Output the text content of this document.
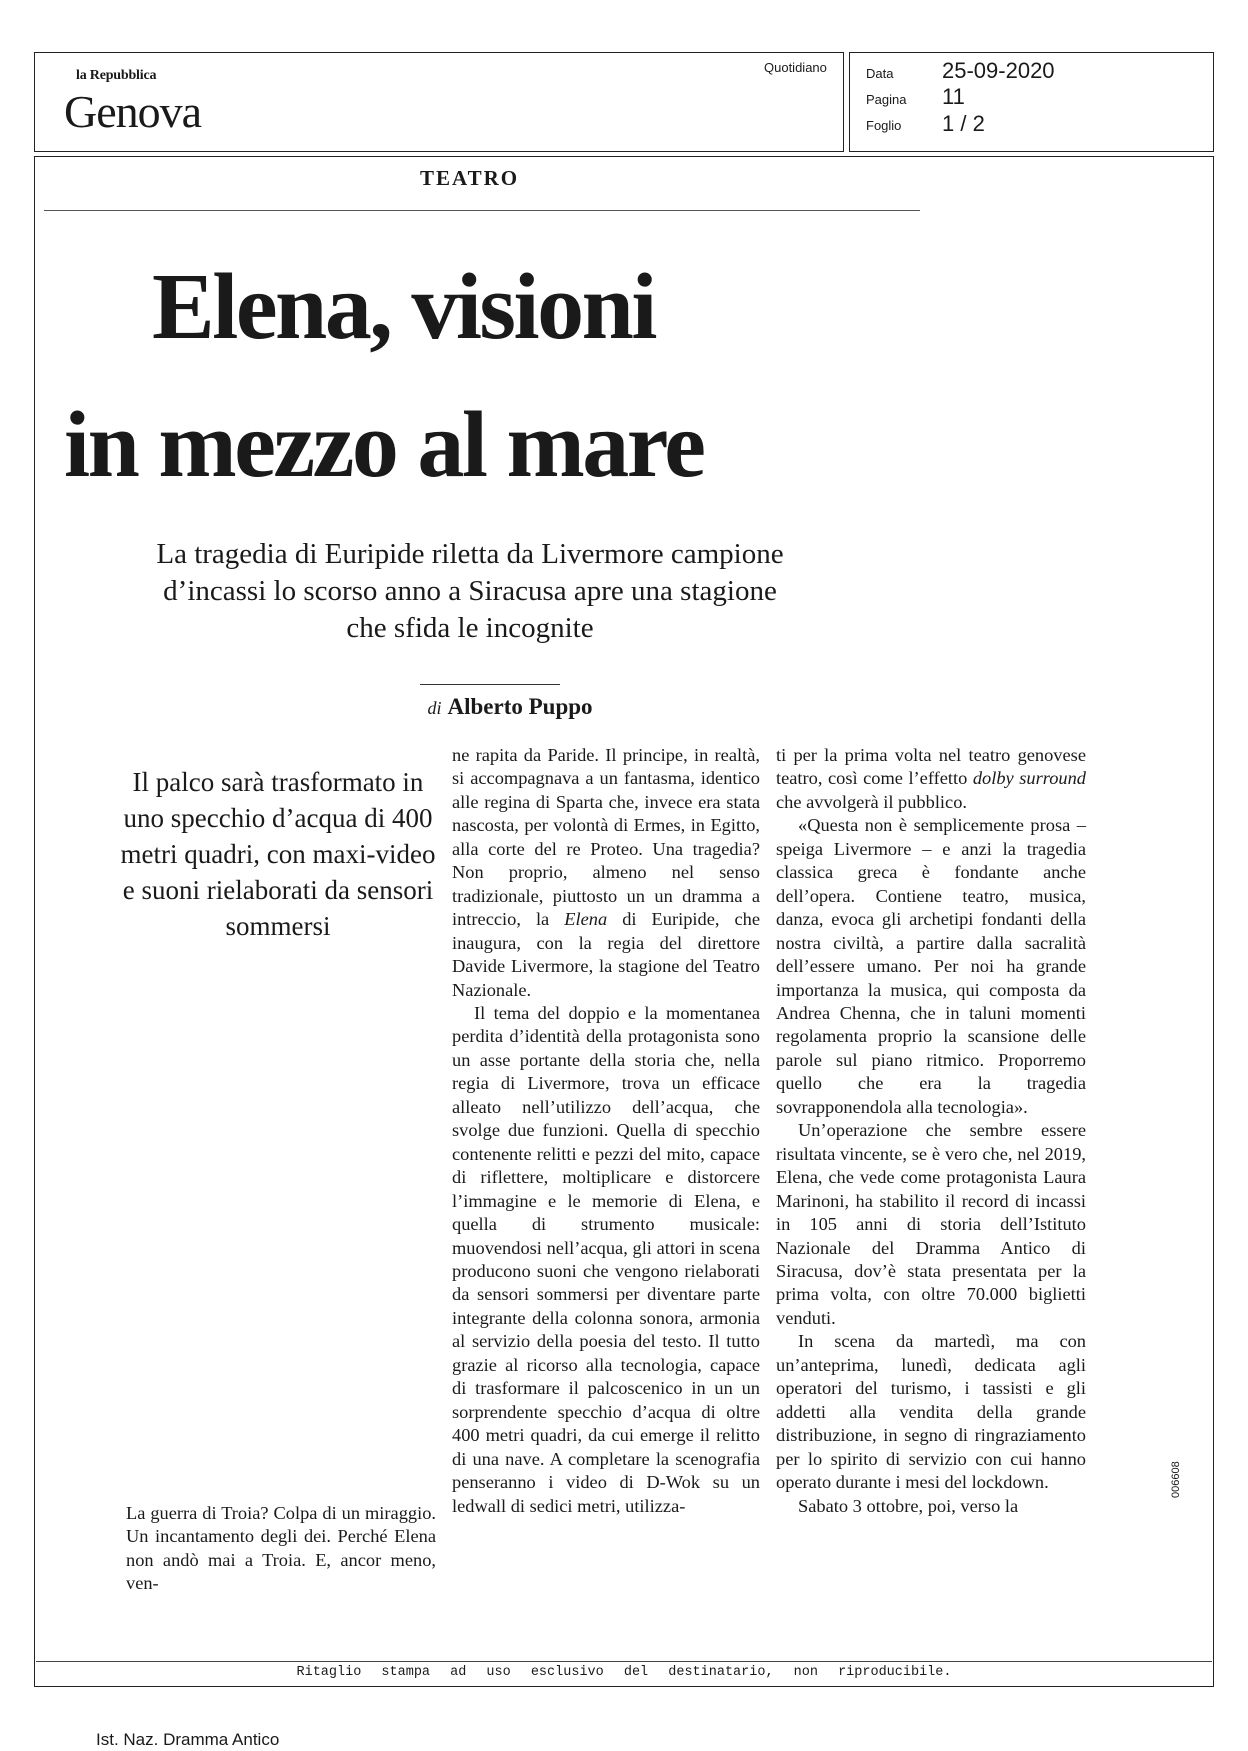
la Repubblica
Genova
Quotidiano	Data 25-09-2020
Pagina 11
Foglio 1 / 2
TEATRO
Elena, visioni
in mezzo al mare
La tragedia di Euripide riletta da Livermore campione d’incassi lo scorso anno a Siracusa apre una stagione che sfida le incognite
di Alberto Puppo
Il palco sarà trasformato in uno specchio d’acqua di 400 metri quadri, con maxi-video e suoni rielaborati da sensori sommersi

La guerra di Troia? Colpa di un miraggio. Un incantamento degli dei. Perché Elena non andò mai a Troia. E, ancor meno, ven-

ne rapita da Paride. Il principe, in realtà, si accompagnava a un fantasma, identico alle regina di Sparta che, invece era stata nascosta, per volontà di Ermes, in Egitto, alla corte del re Proteo. Una tragedia? Non proprio, almeno nel senso tradizionale, piuttosto un un dramma a intreccio, la Elena di Euripide, che inaugura, con la regia del direttore Davide Livermore, la stagione del Teatro Nazionale.

Il tema del doppio e la momentanea perdita d’identità della protagonista sono un asse portante della storia che, nella regia di Livermore, trova un efficace alleato nell’utilizzo dell’acqua, che svolge due funzioni. Quella di specchio contenente relitti e pezzi del mito, capace di riflettere, moltiplicare e distorcere l’immagine e le memorie di Elena, e quella di strumento musicale: muovendosi nell’acqua, gli attori in scena producono suoni che vengono rielaborati da sensori sommersi per diventare parte integrante della colonna sonora, armonia al servizio della poesia del testo. Il tutto grazie al ricorso alla tecnologia, capace di trasformare il palcoscenico in un un sorprendente specchio d’acqua di oltre 400 metri quadri, da cui emerge il relitto di una nave. A completare la scenografia penseranno i video di D-Wok su un ledwall di sedici metri, utilizza-

ti per la prima volta nel teatro genovese teatro, così come l’effetto dolby surround che avvolgerà il pubblico.

«Questa non è semplicemente prosa – speiga Livermore – e anzi la tragedia classica greca è fondante anche dell’opera. Contiene teatro, musica, danza, evoca gli archetipi fondanti della nostra civiltà, a partire dalla sacralità dell’essere umano. Per noi ha grande importanza la musica, qui composta da Andrea Chenna, che in taluni momenti regolamenta proprio la scansione delle parole sul piano ritmico. Proporremo quello che era la tragedia sovrapponendola alla tecnologia».

Un’operazione che sembre essere risultata vincente, se è vero che, nel 2019, Elena, che vede come protagonista Laura Marinoni, ha stabilito il record di incassi in 105 anni di storia dell’Istituto Nazionale del Dramma Antico di Siracusa, dov’è stata presentata per la prima volta, con oltre 70.000 biglietti venduti.

In scena da martedì, ma con un’anteprima, lunedì, dedicata agli operatori del turismo, i tassisti e gli addetti alla vendita della grande distribuzione, in segno di ringraziamento per lo spirito di servizio con cui hanno operato durante i mesi del lockdown.

Sabato 3 ottobre, poi, verso la

Ritaglio stampa ad uso esclusivo del destinatario, non riproducibile.
006608
Ist. Naz. Dramma Antico
